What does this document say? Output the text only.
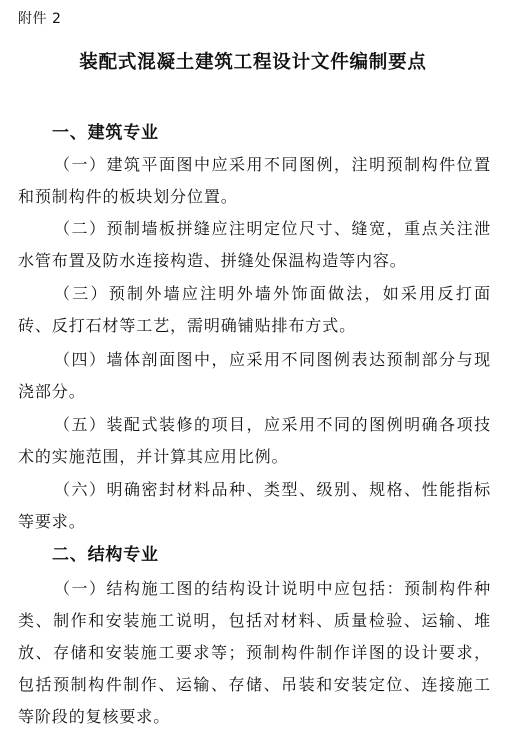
附件 2
装配式混凝土建筑工程设计文件编制要点
一、建筑专业
（一）建筑平面图中应采用不同图例，注明预制构件位置和预制构件的板块划分位置。
（二）预制墙板拼缝应注明定位尺寸、缝宽，重点关注泄水管布置及防水连接构造、拼缝处保温构造等内容。
（三）预制外墙应注明外墙外饰面做法，如采用反打面砖、反打石材等工艺，需明确铺贴排布方式。
（四）墙体剖面图中，应采用不同图例表达预制部分与现浇部分。
（五）装配式装修的项目，应采用不同的图例明确各项技术的实施范围，并计算其应用比例。
（六）明确密封材料品种、类型、级别、规格、性能指标等要求。
二、结构专业
（一）结构施工图的结构设计说明中应包括：预制构件种类、制作和安装施工说明，包括对材料、质量检验、运输、堆放、存储和安装施工要求等；预制构件制作详图的设计要求，包括预制构件制作、运输、存储、吊装和安装定位、连接施工等阶段的复核要求。
